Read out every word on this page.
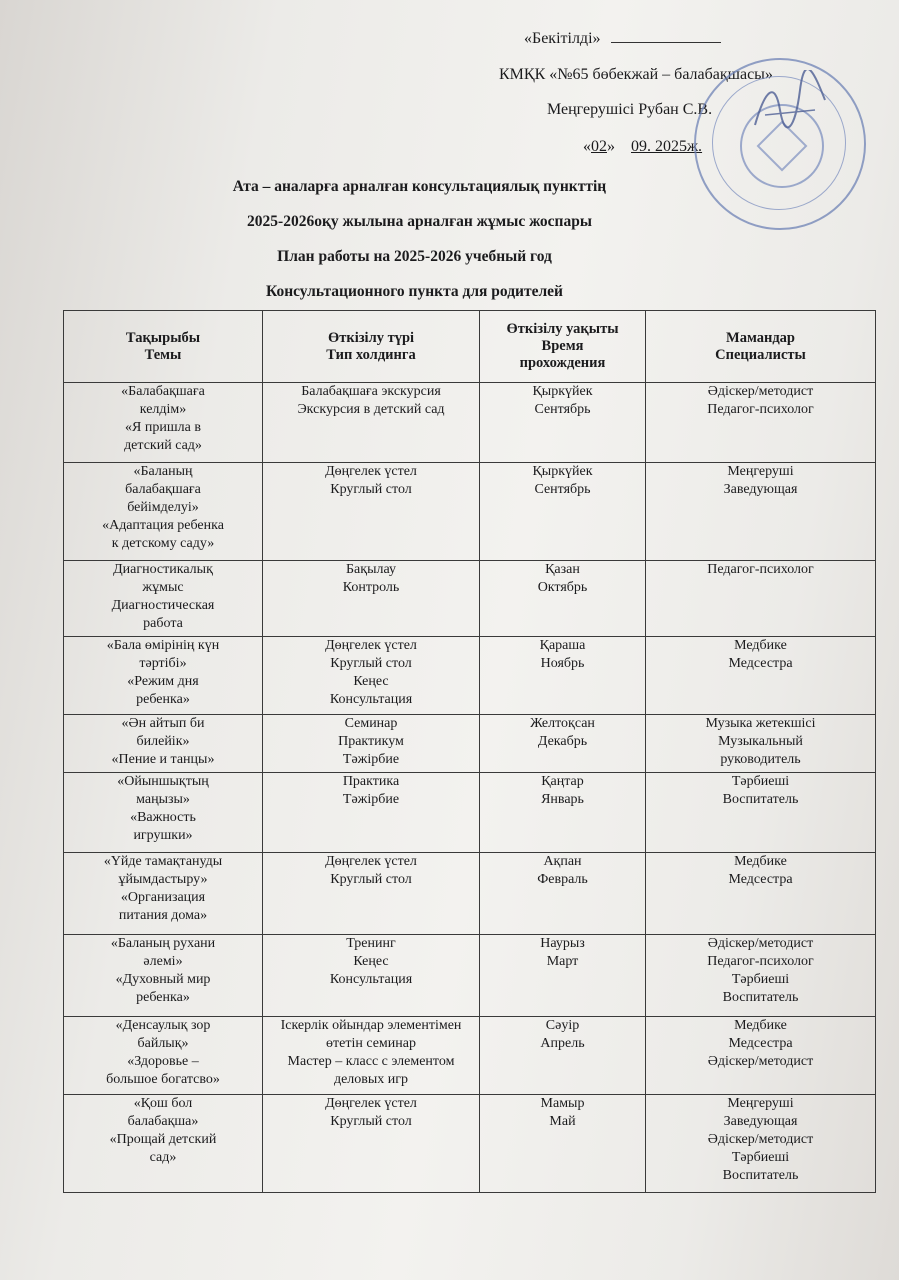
«Бекітілді»
КМҚК «№65 бөбекжай – балабақшасы»
Меңгерушісі Рубан С.В.
«02» 09. 2025ж.
Ата – аналарға арналған консультациялық пункттің
2025-2026оқу жылына арналған жұмыс жоспары
План работы на 2025-2026 учебный год
Консультационного пункта для родителей
Тақырыбы
Темы	Өткізілу түрі
Тип холдинга	Өткізілу уақыты
Время
прохождения	Мамандар
Специалисты

«Балабақшаға
келдім»
«Я пришла в
детский сад»	Балабақшаға экскурсия
Экскурсия в детский сад	Қыркүйек
Сентябрь	Әдіскер/методист
Педагог-психолог

«Баланың
балабақшаға
бейімделуі»
«Адаптация ребенка
к детскому саду»	Дөңгелек үстел
Круглый стол	Қыркүйек
Сентябрь	Меңгеруші
Заведующая

Диагностикалық
жұмыс
Диагностическая
работа	Бақылау
Контроль	Қазан
Октябрь	Педагог-психолог

«Бала өмірінің күн
тәртібі»
«Режим дня
ребенка»	Дөңгелек үстел
Круглый стол
Кеңес
Консультация	Қараша
Ноябрь	Медбике
Медсестра

«Ән айтып би
билейік»
«Пение и танцы»	Семинар
Практикум
Тәжірбие	Желтоқсан
Декабрь	Музыка жетекшісі
Музыкальный
руководитель

«Ойыншықтың
маңызы»
«Важность
игрушки»	Практика
Тәжірбие	Қаңтар
Январь	Тәрбиеші
Воспитатель

«Үйде тамақтануды
ұйымдастыру»
«Организация
питания дома»	Дөңгелек үстел
Круглый стол	Ақпан
Февраль	Медбике
Медсестра

«Баланың рухани
әлемі»
«Духовный мир
ребенка»	Тренинг
Кеңес
Консультация	Наурыз
Март	Әдіскер/методист
Педагог-психолог
Тәрбиеші
Воспитатель

«Денсаулық зор
байлық»
«Здоровье –
большое богатсво»	Іскерлік ойындар элементімен
өтетін семинар
Мастер – класс с элементом
деловых игр	Сәуір
Апрель	Медбике
Медсестра
Әдіскер/методист

«Қош бол
балабақша»
«Прощай детский
сад»	Дөңгелек үстел
Круглый стол	Мамыр
Май	Меңгеруші
Заведующая
Әдіскер/методист
Тәрбиеші
Воспитатель
